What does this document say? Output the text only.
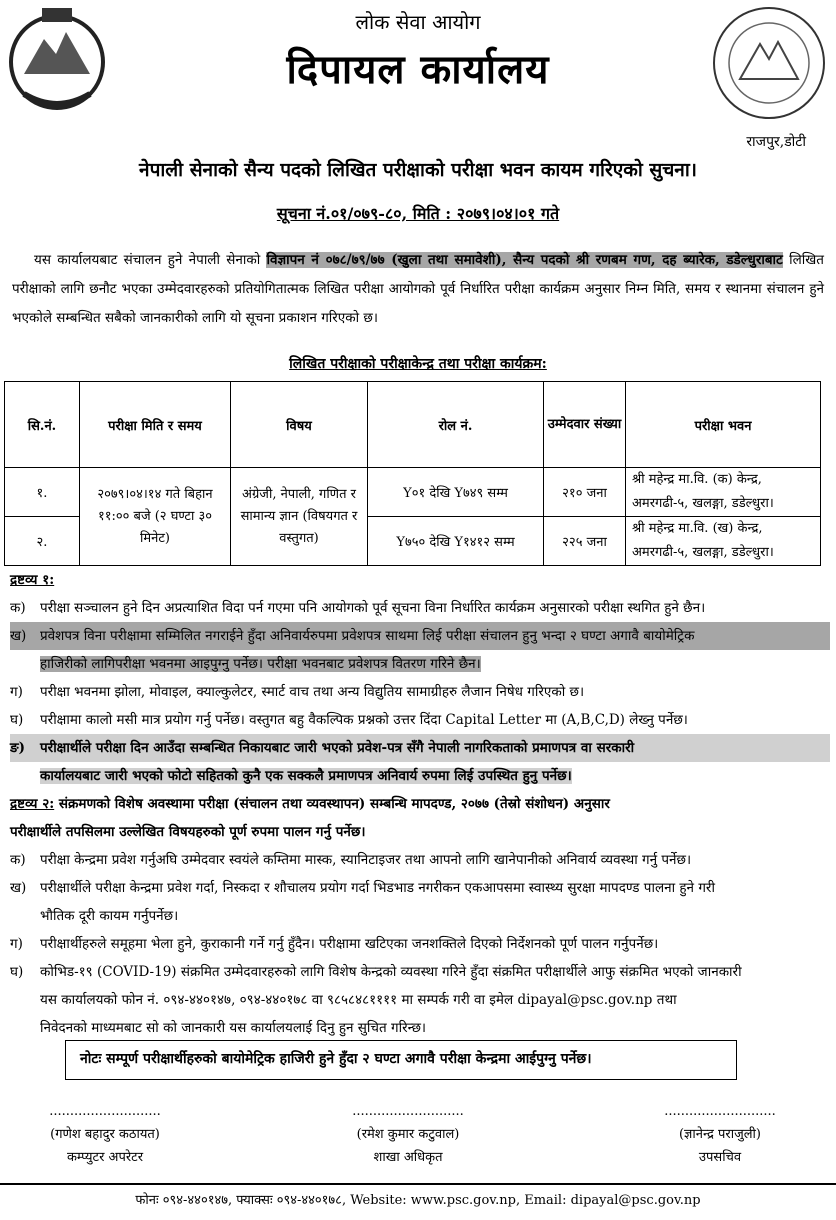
लोक सेवा आयोग
दिपायल कार्यालय
राजपुर,डोटी
नेपाली सेनाको सैन्य पदको लिखित परीक्षाको परीक्षा भवन कायम गरिएको सुचना।
सूचना नं.०१/०७९-८०, मिति : २०७९।०४।०१ गते
यस कार्यालयबाट संचालन हुने नेपाली सेनाको विज्ञापन नं ०७८/७९/७७ (खुला तथा समावेशी), सैन्य पदको श्री रणबम गण, दह ब्यारेक, डडेल्धुराबाट लिखित परीक्षाको लागि छनौट भएका उम्मेदवारहरुको प्रतियोगितात्मक लिखित परीक्षा आयोगको पूर्व निर्धारित परीक्षा कार्यक्रम अनुसार निम्न मिति, समय र स्थानमा संचालन हुने भएकोले सम्बन्धित सबैको जानकारीको लागि यो सूचना प्रकाशन गरिएको छ।
लिखित परीक्षाको परीक्षाकेन्द्र तथा परीक्षा कार्यक्रम:
सि.नं.	परीक्षा मिति र समय	विषय	रोल नं.	उम्मेदवार संख्या	परीक्षा भवन
१.	२०७९।०४।१४ गते बिहान ११:०० बजे (२ घण्टा ३० मिनेट)	अंग्रेजी, नेपाली, गणित र सामान्य ज्ञान (विषयगत र वस्तुगत)	Y०१ देखि Y७४९ सम्म	२१० जना	श्री महेन्द्र मा.वि. (क) केन्द्र, अमरगढी-५, खलङ्गा, डडेल्धुरा।
२.			Y७५० देखि Y१४१२ सम्म	२२५ जना	श्री महेन्द्र मा.वि. (ख) केन्द्र, अमरगढी-५, खलङ्गा, डडेल्धुरा।
द्रष्टव्य १:
क)	परीक्षा सञ्चालन हुने दिन अप्रत्याशित विदा पर्न गएमा पनि आयोगको पूर्व सूचना विना निर्धारित कार्यक्रम अनुसारको परीक्षा स्थगित हुने छैन।
ख)	प्रवेशपत्र विना परीक्षामा सम्मिलित नगराईने हुँदा अनिवार्यरुपमा प्रवेशपत्र साथमा लिई परीक्षा संचालन हुनु भन्दा २ घण्टा अगावै बायोमेट्रिक
हाजिरीको लागिपरीक्षा भवनमा आइपुग्नु पर्नेछ। परीक्षा भवनबाट प्रवेशपत्र वितरण गरिने छैन।
ग)	परीक्षा भवनमा झोला, मोवाइल, क्याल्कुलेटर, स्मार्ट वाच तथा अन्य विद्युतिय सामाग्रीहरु लैजान निषेध गरिएको छ।
घ)	परीक्षामा कालो मसी मात्र प्रयोग गर्नु पर्नेछ। वस्तुगत बहु वैकल्पिक प्रश्नको उत्तर दिंदा Capital Letter मा (A,B,C,D) लेख्नु पर्नेछ।
ङ)	परीक्षार्थीले परीक्षा दिन आउँदा सम्बन्धित निकायबाट जारी भएको प्रवेश-पत्र सँगै नेपाली नागरिकताको प्रमाणपत्र वा सरकारी
कार्यालयबाट जारी भएको फोटो सहितको कुनै एक सक्कलै प्रमाणपत्र अनिवार्य रुपमा लिई उपस्थित हुनु पर्नेछ।
द्रष्टव्य २: संक्रमणको विशेष अवस्थामा परीक्षा (संचालन तथा व्यवस्थापन) सम्बन्धि मापदण्ड, २०७७ (तेस्रो संशोधन) अनुसार
परीक्षार्थीले तपसिलमा उल्लेखित विषयहरुको पूर्ण रुपमा पालन गर्नु पर्नेछ।
क)	परीक्षा केन्द्रमा प्रवेश गर्नुअघि उम्मेदवार स्वयंले कम्तिमा मास्क, स्यानिटाइजर तथा आपनो लागि खानेपानीको अनिवार्य व्यवस्था गर्नु पर्नेछ।
ख)	परीक्षार्थीले परीक्षा केन्द्रमा प्रवेश गर्दा, निस्कदा र शौचालय प्रयोग गर्दा भिडभाड नगरीकन एकआपसमा स्वास्थ्य सुरक्षा मापदण्ड पालना हुने गरी
भौतिक दूरी कायम गर्नुपर्नेछ।
ग)	परीक्षार्थीहरुले समूहमा भेला हुने, कुराकानी गर्ने गर्नु हुँदैन। परीक्षामा खटिएका जनशक्तिले दिएको निर्देशनको पूर्ण पालन गर्नुपर्नेछ।
घ)	कोभिड-१९ (COVID-19) संक्रमित उम्मेदवारहरुको लागि विशेष केन्द्रको व्यवस्था गरिने हुँदा संक्रमित परीक्षार्थीले आफु संक्रमित भएको जानकारी
यस कार्यालयको फोन नं. ०९४-४४०१४७, ०९४-४४०१७८ वा ९८५८४८११११ मा सम्पर्क गरी वा इमेल dipayal@psc.gov.np तथा
निवेदनको माध्यमबाट सो को जानकारी यस कार्यालयलाई दिनु हुन सुचित गरिन्छ।
नोटः सम्पूर्ण परीक्षार्थीहरुको बायोमेट्रिक हाजिरी हुने हुँदा २ घण्टा अगावै परीक्षा केन्द्रमा आईपुग्नु पर्नेछ।
...........................
(गणेश बहादुर कठायत)
कम्प्युटर अपरेटर
...........................
(रमेश कुमार कटुवाल)
शाखा अधिकृत
...........................
(ज्ञानेन्द्र पराजुली)
उपसचिव
फोनः ०९४-४४०१४७, फ्याक्सः ०९४-४४०१७८, Website: www.psc.gov.np, Email: dipayal@psc.gov.np
